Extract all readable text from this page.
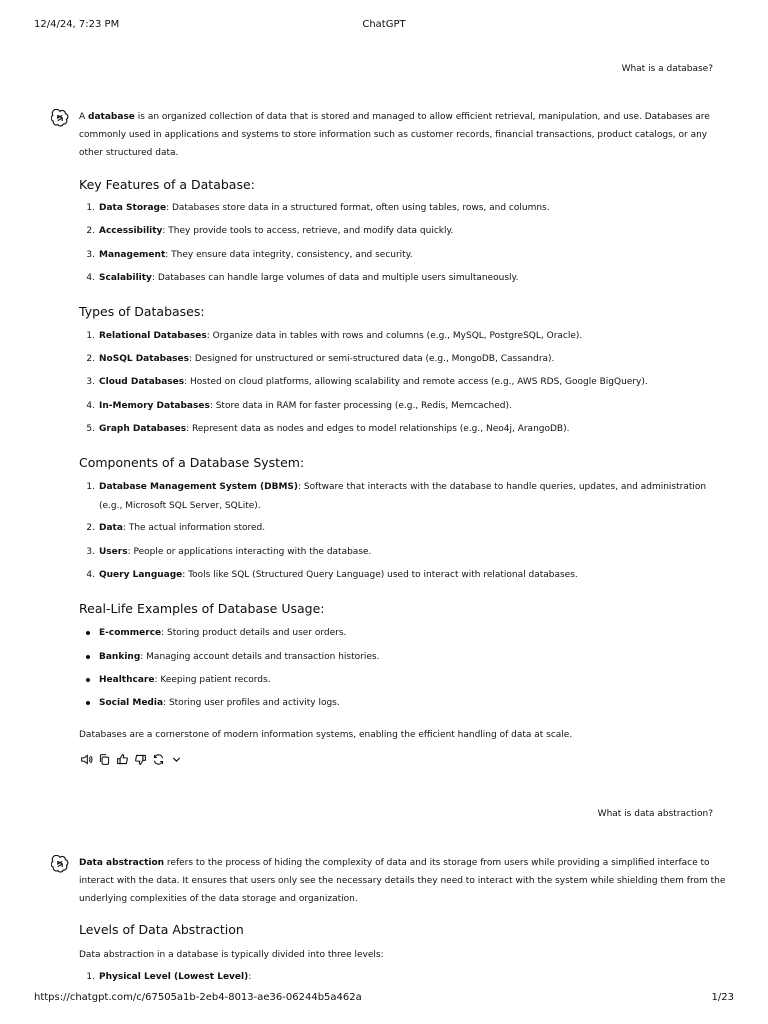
12/4/24, 7:23 PM	ChatGPT
What is a database?
A database is an organized collection of data that is stored and managed to allow efficient retrieval, manipulation, and use. Databases are commonly used in applications and systems to store information such as customer records, financial transactions, product catalogs, or any other structured data.
Key Features of a Database:
1. Data Storage: Databases store data in a structured format, often using tables, rows, and columns.
2. Accessibility: They provide tools to access, retrieve, and modify data quickly.
3. Management: They ensure data integrity, consistency, and security.
4. Scalability: Databases can handle large volumes of data and multiple users simultaneously.
Types of Databases:
1. Relational Databases: Organize data in tables with rows and columns (e.g., MySQL, PostgreSQL, Oracle).
2. NoSQL Databases: Designed for unstructured or semi-structured data (e.g., MongoDB, Cassandra).
3. Cloud Databases: Hosted on cloud platforms, allowing scalability and remote access (e.g., AWS RDS, Google BigQuery).
4. In-Memory Databases: Store data in RAM for faster processing (e.g., Redis, Memcached).
5. Graph Databases: Represent data as nodes and edges to model relationships (e.g., Neo4j, ArangoDB).
Components of a Database System:
1. Database Management System (DBMS): Software that interacts with the database to handle queries, updates, and administration (e.g., Microsoft SQL Server, SQLite).
2. Data: The actual information stored.
3. Users: People or applications interacting with the database.
4. Query Language: Tools like SQL (Structured Query Language) used to interact with relational databases.
Real-Life Examples of Database Usage:
E-commerce: Storing product details and user orders.
Banking: Managing account details and transaction histories.
Healthcare: Keeping patient records.
Social Media: Storing user profiles and activity logs.
Databases are a cornerstone of modern information systems, enabling the efficient handling of data at scale.
What is data abstraction?
Data abstraction refers to the process of hiding the complexity of data and its storage from users while providing a simplified interface to interact with the data. It ensures that users only see the necessary details they need to interact with the system while shielding them from the underlying complexities of the data storage and organization.
Levels of Data Abstraction
Data abstraction in a database is typically divided into three levels:
1. Physical Level (Lowest Level):
https://chatgpt.com/c/67505a1b-2eb4-8013-ae36-06244b5a462a	1/23
